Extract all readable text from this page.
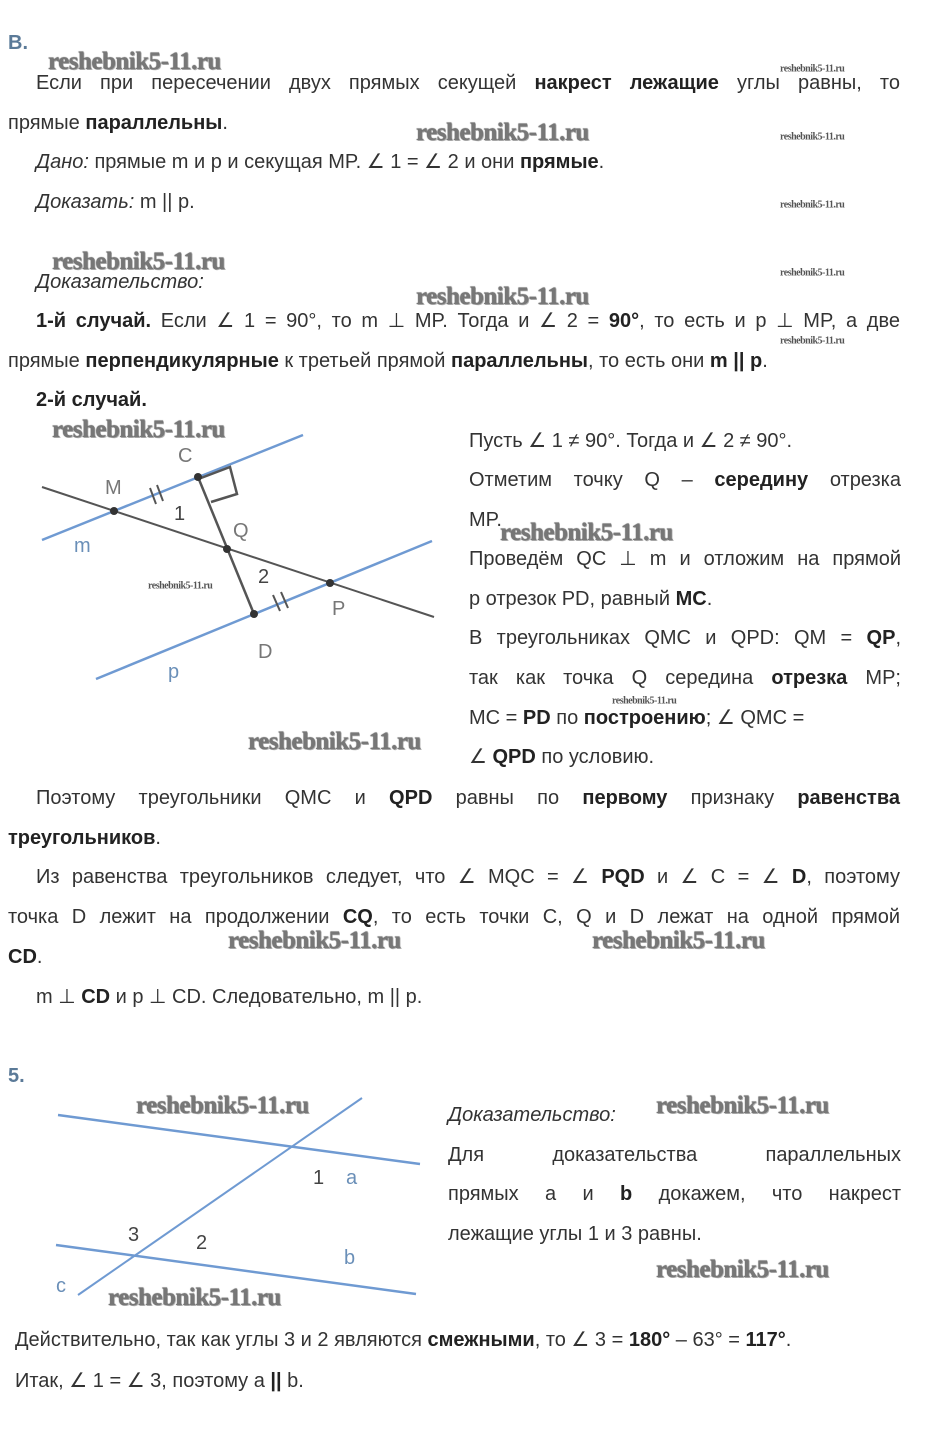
В.
Если при пересечении двух прямых секущей накрест лежащие углы равны, то
прямые параллельны.
Дано: прямые m и p и секущая MP. ∠ 1 = ∠ 2 и они прямые.
Доказать: m || p.
Доказательство:
1-й случай. Если ∠ 1 = 90°, то m ⊥ MP. Тогда и ∠ 2 = 90°, то есть и p ⊥ MP, а две
прямые перпендикулярные к третьей прямой параллельны, то есть они m || p.
2-й случай.
Пусть ∠ 1 ≠ 90°. Тогда и ∠ 2 ≠ 90°.
Отметим точку Q – середину отрезка
MP.
Проведём QC ⊥ m и отложим на прямой
p отрезок PD, равный MC.
В треугольниках QMC и QPD: QM = QP,
так как точка Q середина отрезка MP;
MC = PD по построению; ∠ QMC =
∠ QPD по условию.
Поэтому треугольники QMC и QPD равны по первому признаку равенства
треугольников.
Из равенства треугольников следует, что ∠ MQC = ∠ PQD и ∠ C = ∠ D, поэтому
точка D лежит на продолжении CQ, то есть точки C, Q и D лежат на одной прямой
CD.
m ⊥ CD и p ⊥ CD. Следовательно, m || p.
5.
Доказательство:
Для доказательства параллельных
прямых a и b докажем, что накрест
лежащие углы 1 и 3 равны.
Действительно, так как углы 3 и 2 являются смежными, то ∠ 3 = 180° – 63° = 117°.
Итак, ∠ 1 = ∠ 3, поэтому a || b.
C
M
1
Q
m
2
P
D
p
1 a
3	2
b
c
reshebnik5-11.ru
reshebnik5-11.ru
reshebnik5-11.ru
reshebnik5-11.ru
reshebnik5-11.ru
reshebnik5-11.ru
reshebnik5-11.ru
reshebnik5-11.ru	reshebnik5-11.ru
reshebnik5-11.ru	reshebnik5-11.ru
reshebnik5-11.ru
reshebnik5-11.ru
reshebnik5-11.ru
reshebnik5-11.ru
reshebnik5-11.ru
reshebnik5-11.ru
reshebnik5-11.ru
reshebnik5-11.ru
reshebnik5-11.ru
